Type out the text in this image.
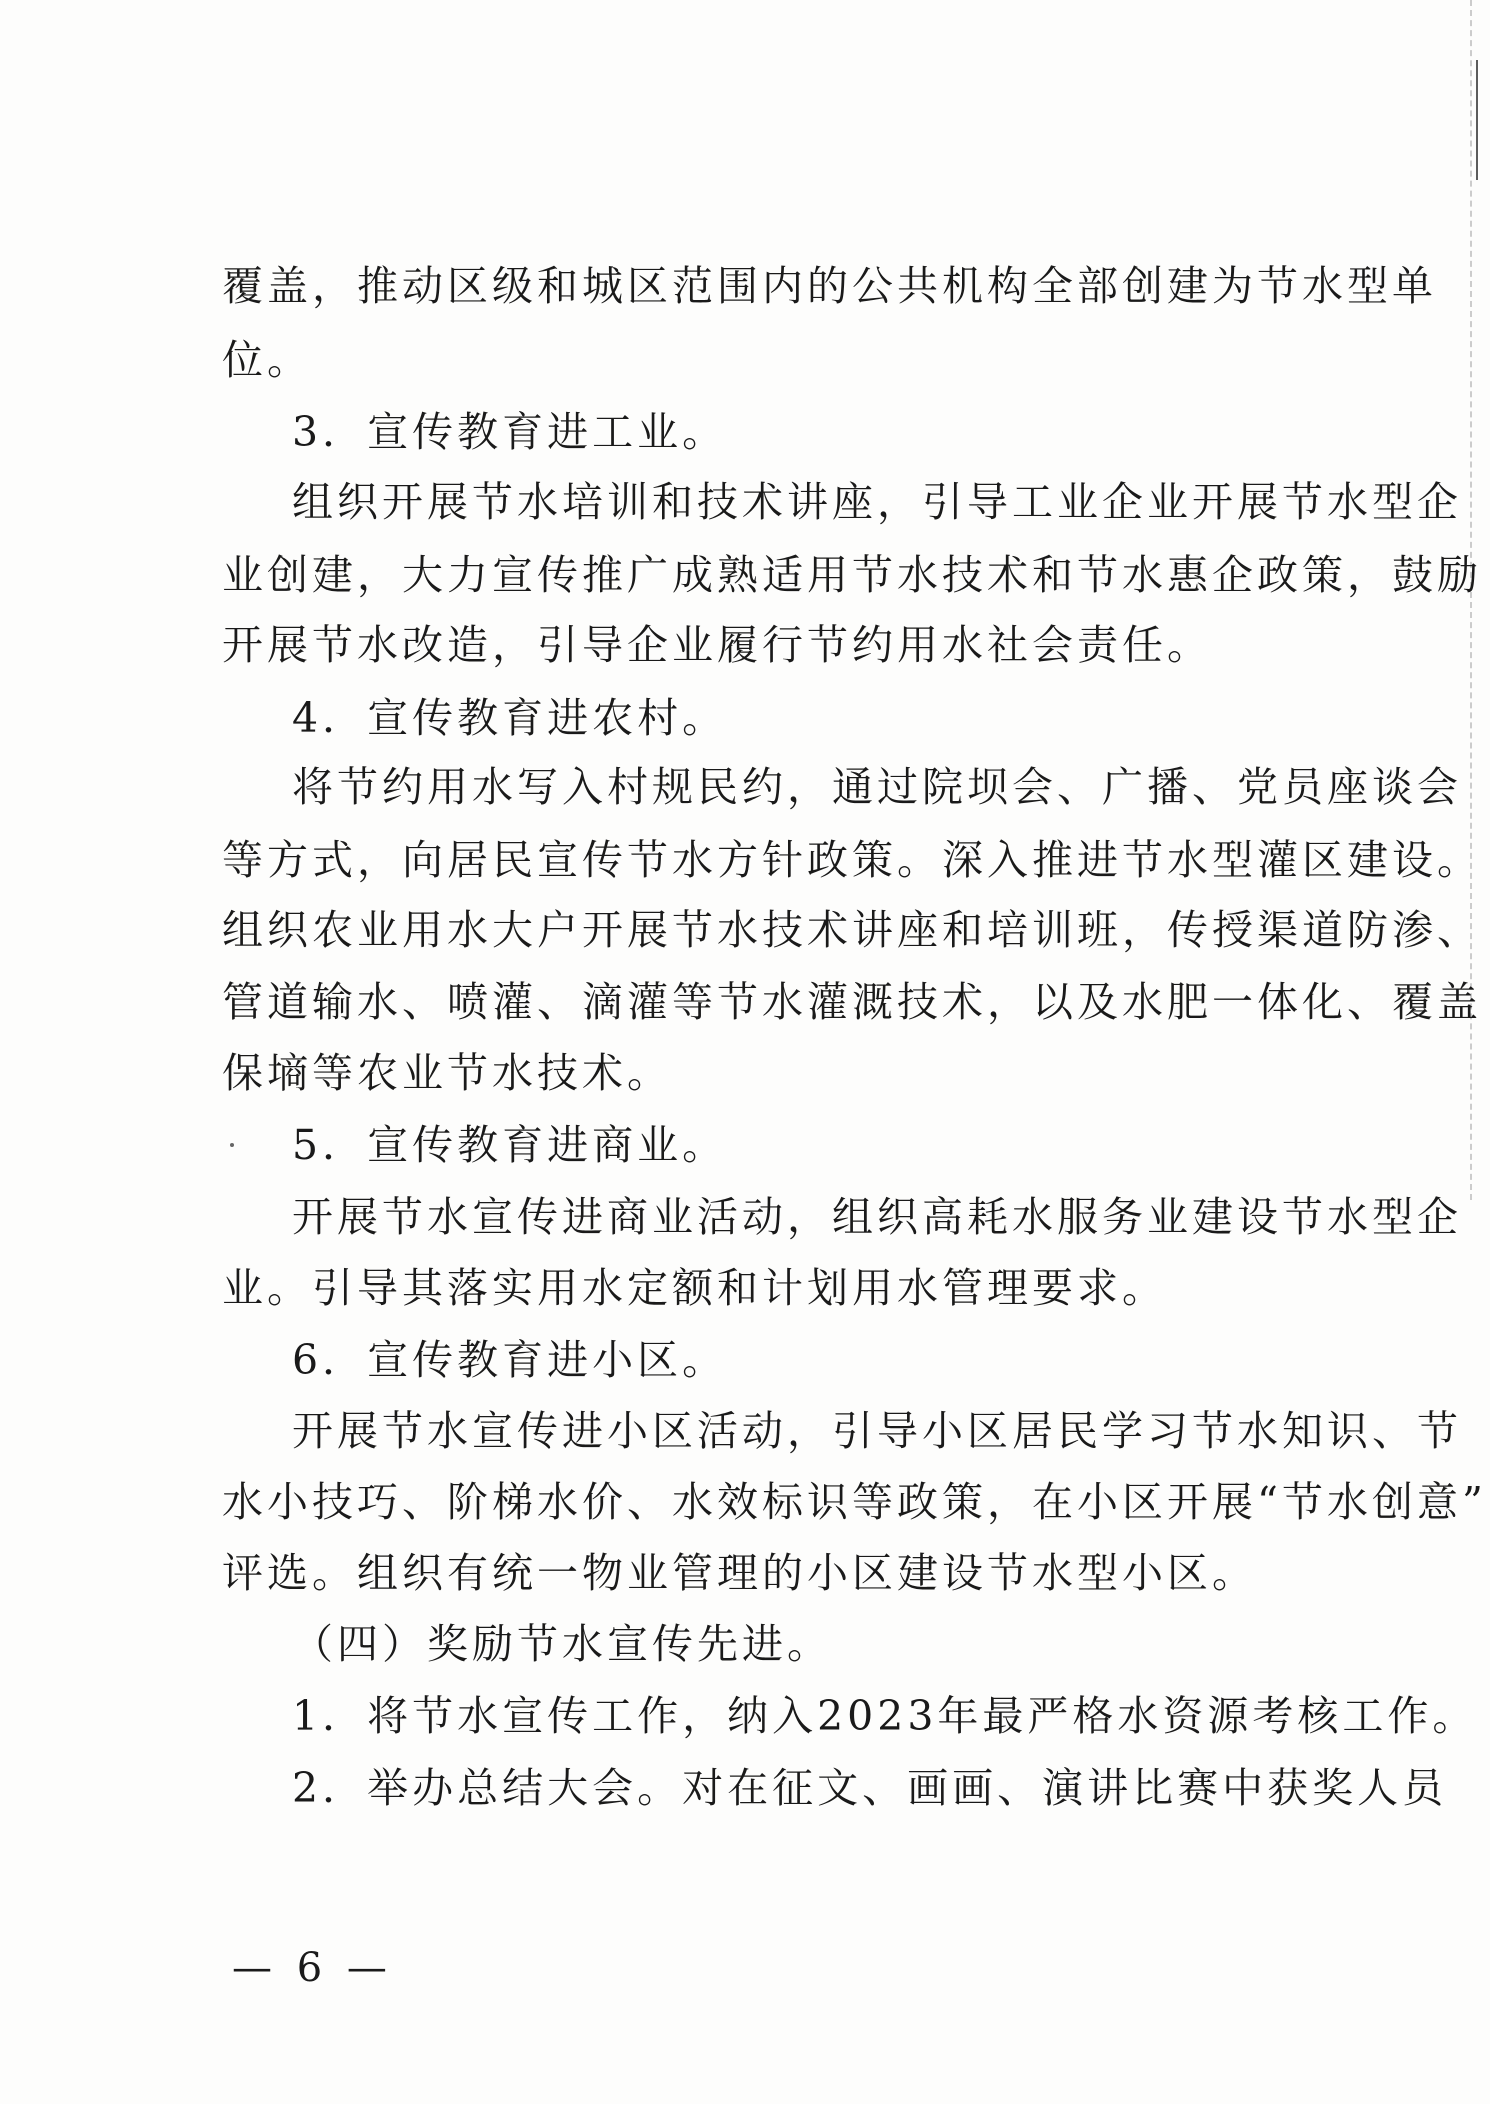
覆盖，推动区级和城区范围内的公共机构全部创建为节水型单
位。
3．宣传教育进工业。
组织开展节水培训和技术讲座，引导工业企业开展节水型企
业创建，大力宣传推广成熟适用节水技术和节水惠企政策，鼓励
开展节水改造，引导企业履行节约用水社会责任。
4．宣传教育进农村。
将节约用水写入村规民约，通过院坝会、广播、党员座谈会
等方式，向居民宣传节水方针政策。深入推进节水型灌区建设。
组织农业用水大户开展节水技术讲座和培训班，传授渠道防渗、
管道输水、喷灌、滴灌等节水灌溉技术，以及水肥一体化、覆盖
保墒等农业节水技术。
5．宣传教育进商业。
开展节水宣传进商业活动，组织高耗水服务业建设节水型企
业。引导其落实用水定额和计划用水管理要求。
6．宣传教育进小区。
开展节水宣传进小区活动，引导小区居民学习节水知识、节
水小技巧、阶梯水价、水效标识等政策，在小区开展“节水创意”
评选。组织有统一物业管理的小区建设节水型小区。
（四）奖励节水宣传先进。
1．将节水宣传工作，纳入2023年最严格水资源考核工作。
2．举办总结大会。对在征文、画画、演讲比赛中获奖人员
— 6 —
